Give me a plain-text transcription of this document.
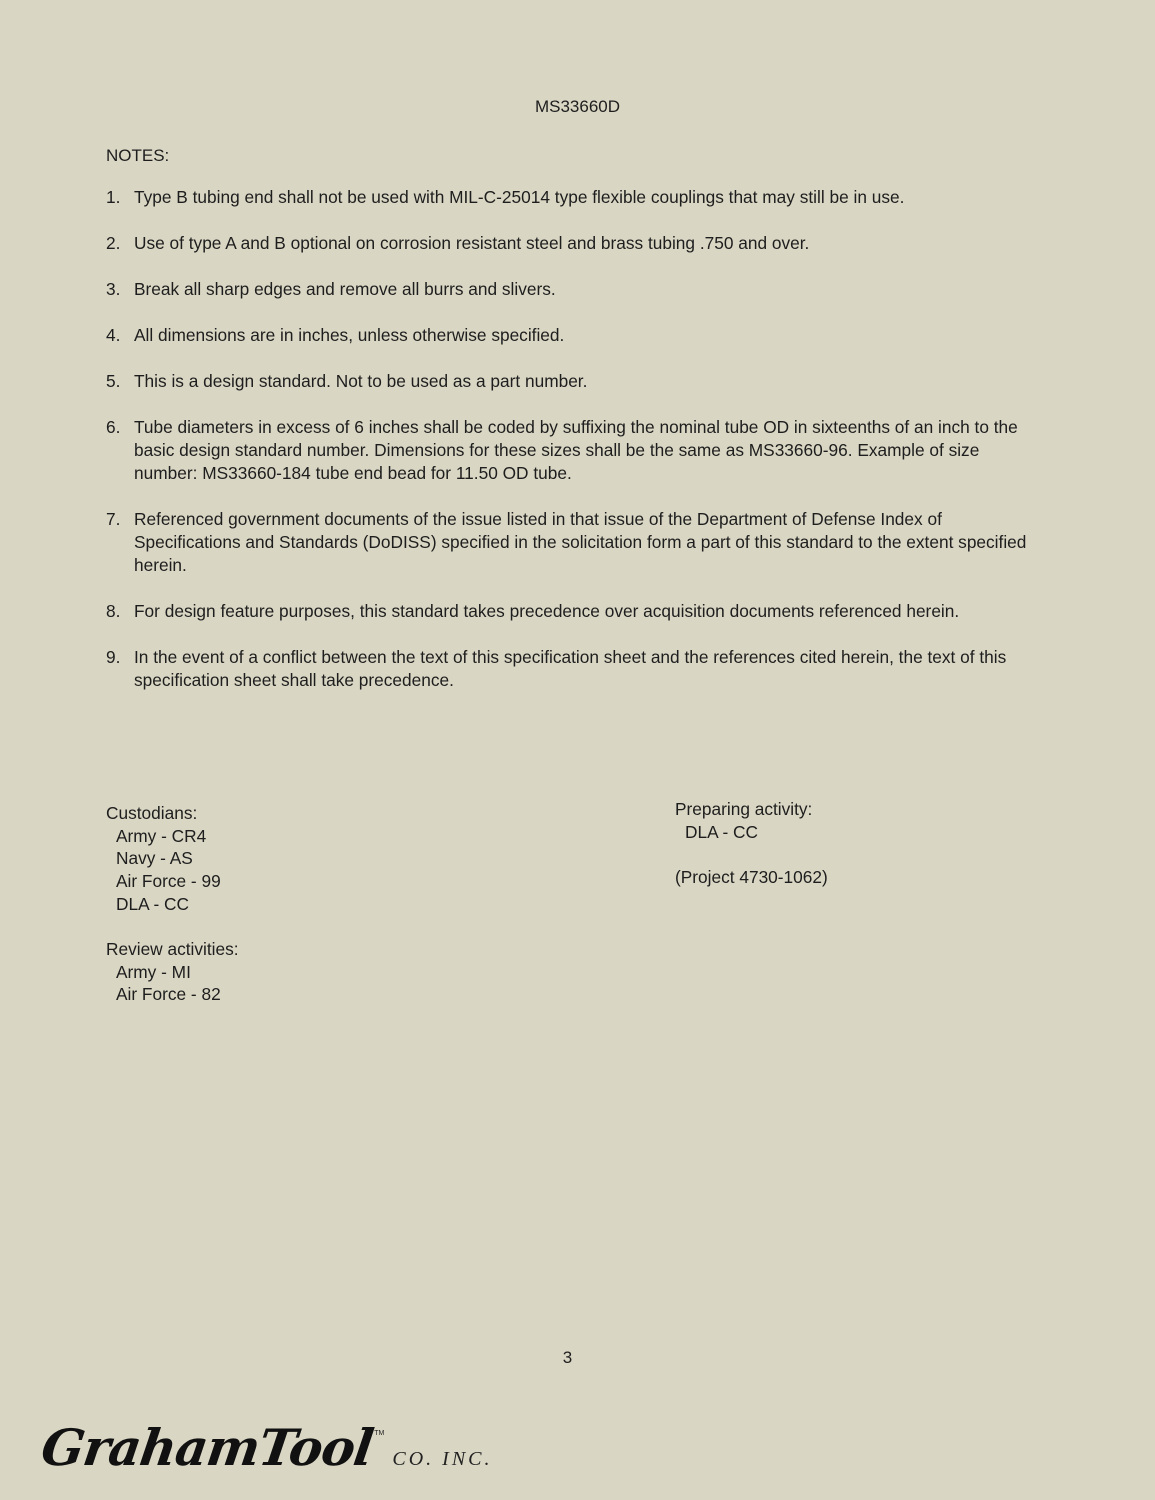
MS33660D
NOTES:
1. Type B tubing end shall not be used with MIL-C-25014 type flexible couplings that may still be in use.
2. Use of type A and B optional on corrosion resistant steel and brass tubing .750 and over.
3. Break all sharp edges and remove all burrs and slivers.
4. All dimensions are in inches, unless otherwise specified.
5. This is a design standard. Not to be used as a part number.
6. Tube diameters in excess of 6 inches shall be coded by suffixing the nominal tube OD in sixteenths of an inch to the basic design standard number. Dimensions for these sizes shall be the same as MS33660-96. Example of size number: MS33660-184 tube end bead for 11.50 OD tube.
7. Referenced government documents of the issue listed in that issue of the Department of Defense Index of Specifications and Standards (DoDISS) specified in the solicitation form a part of this standard to the extent specified herein.
8. For design feature purposes, this standard takes precedence over acquisition documents referenced herein.
9. In the event of a conflict between the text of this specification sheet and the references cited herein, the text of this specification sheet shall take precedence.
Custodians:
Army - CR4
Navy - AS
Air Force - 99
DLA - CC
Review activities:
Army - MI
Air Force - 82
Preparing activity:
DLA - CC
(Project 4730-1062)
3
GrahamTool
TM
CO. INC.
